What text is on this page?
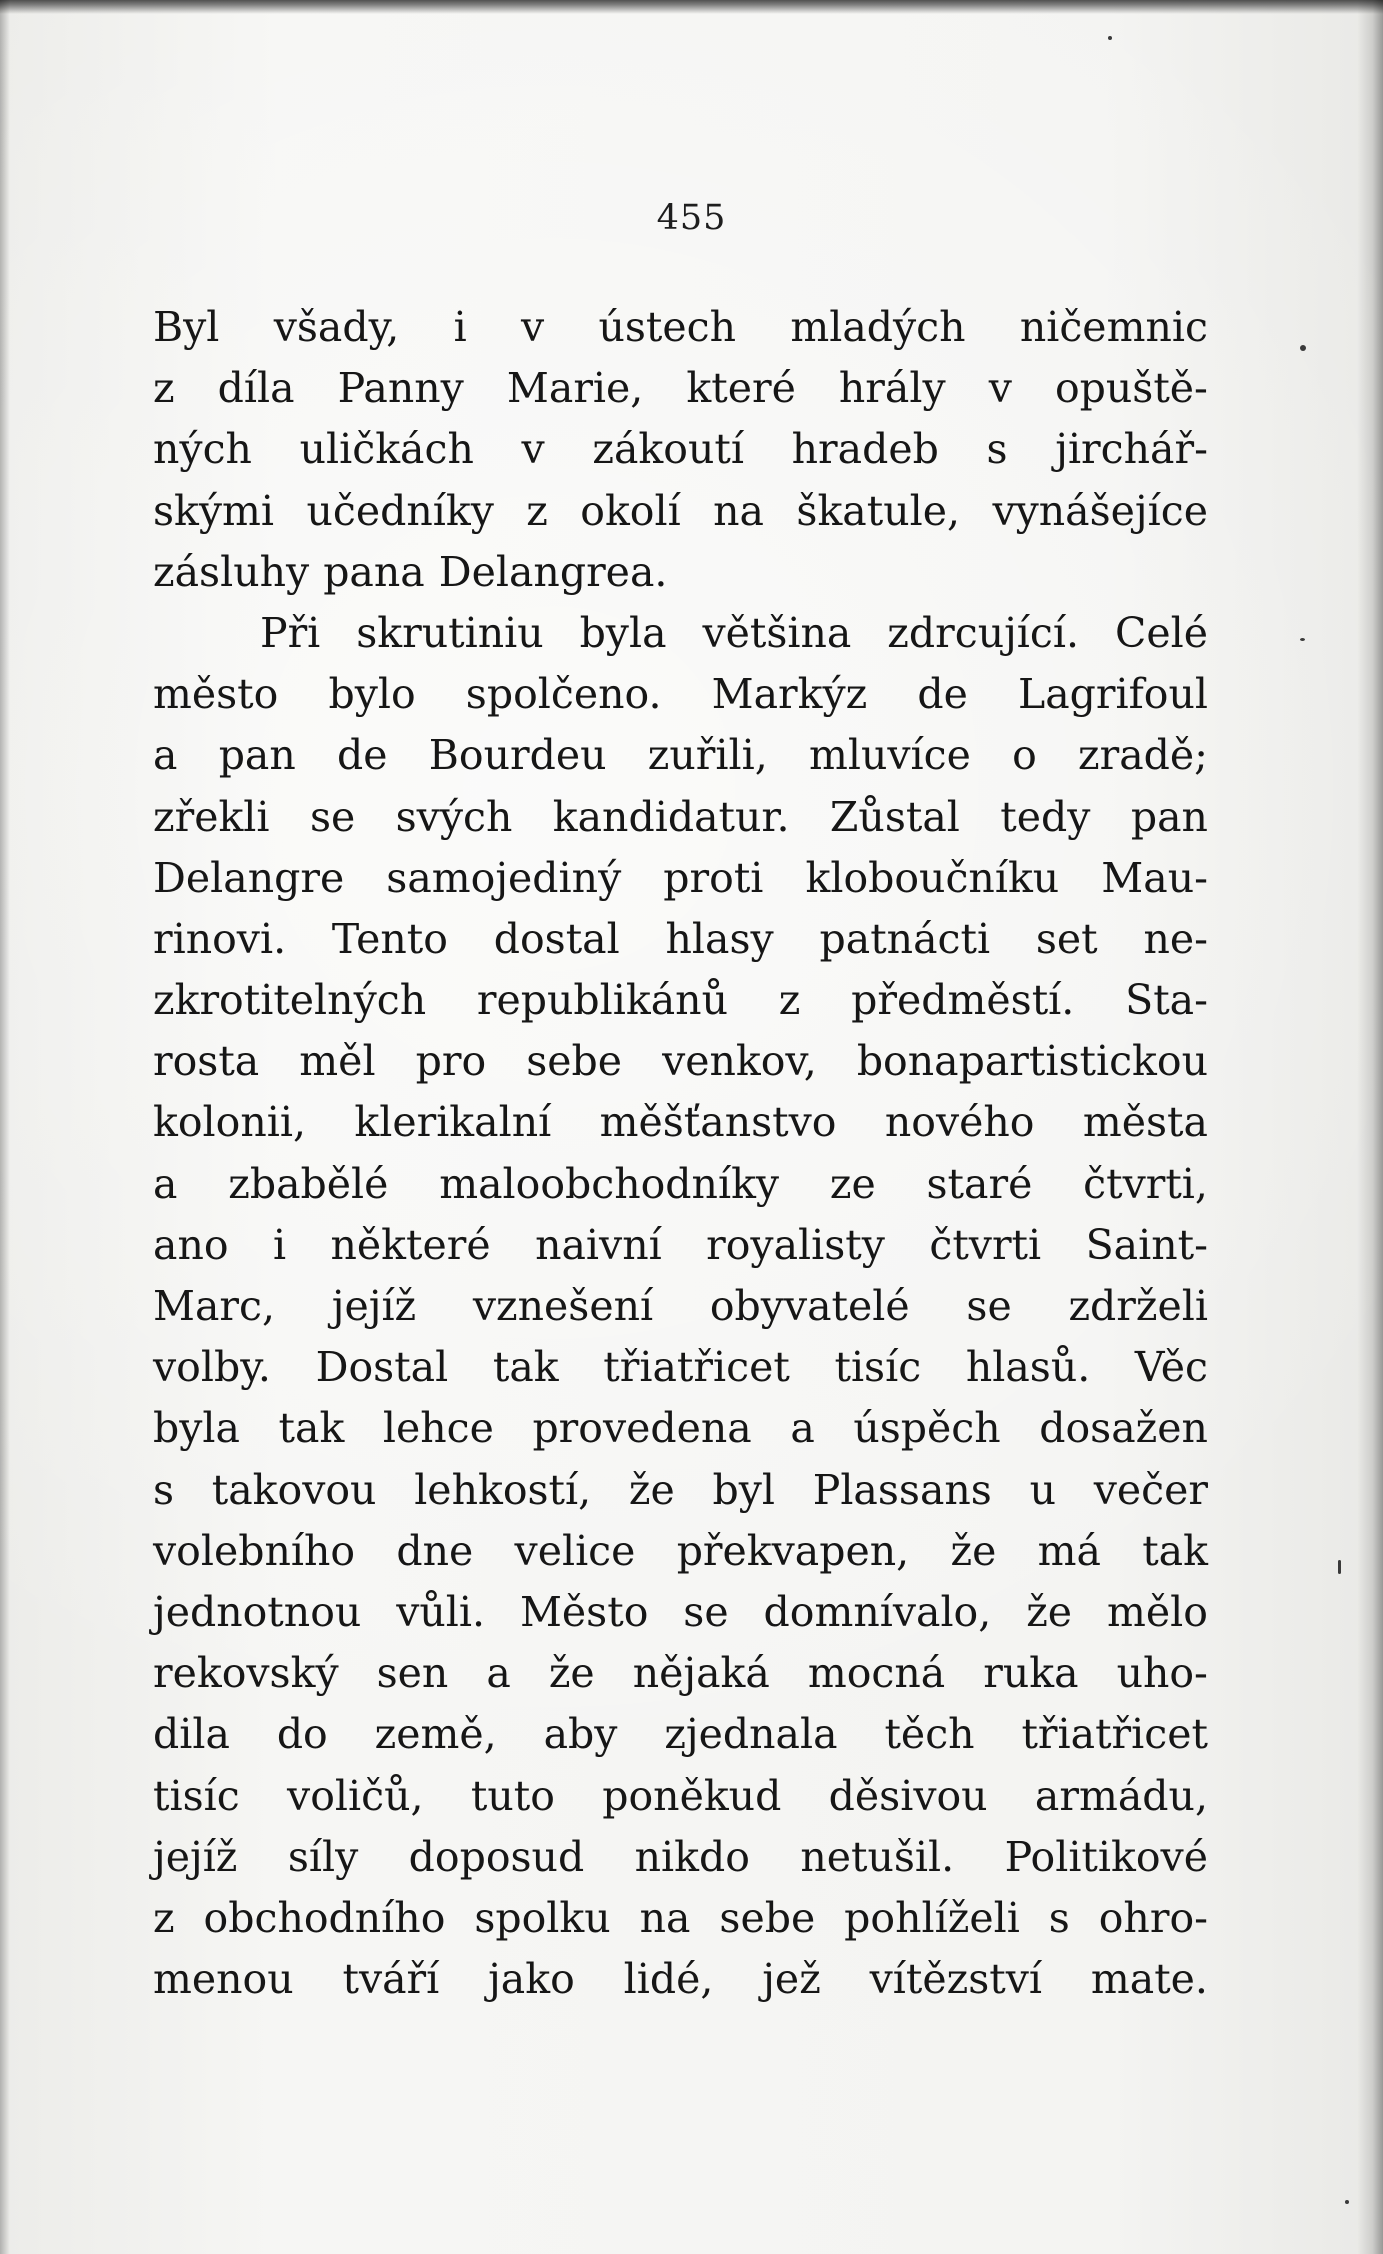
455
Byl všady, i v ústech mladých ničemnic
z díla Panny Marie, které hrály v opuště-
ných uličkách v zákoutí hradeb s jirchář-
skými učedníky z okolí na škatule, vynášejíce
zásluhy pana Delangrea.
Při skrutiniu byla většina zdrcující. Celé
město bylo spolčeno. Markýz de Lagrifoul
a pan de Bourdeu zuřili, mluvíce o zradě;
zřekli se svých kandidatur. Zůstal tedy pan
Delangre samojediný proti kloboučníku Mau-
rinovi. Tento dostal hlasy patnácti set ne-
zkrotitelných republikánů z předměstí. Sta-
rosta měl pro sebe venkov, bonapartistickou
kolonii, klerikalní měšťanstvo nového města
a zbabělé maloobchodníky ze staré čtvrti,
ano i některé naivní royalisty čtvrti Saint-
Marc, jejíž vznešení obyvatelé se zdrželi
volby. Dostal tak třiatřicet tisíc hlasů. Věc
byla tak lehce provedena a úspěch dosažen
s takovou lehkostí, že byl Plassans u večer
volebního dne velice překvapen, že má tak
jednotnou vůli. Město se domnívalo, že mělo
rekovský sen a že nějaká mocná ruka uho-
dila do země, aby zjednala těch třiatřicet
tisíc voličů, tuto poněkud děsivou armádu,
jejíž síly doposud nikdo netušil. Politikové
z obchodního spolku na sebe pohlíželi s ohro-
menou tváří jako lidé, jež vítězství mate.
